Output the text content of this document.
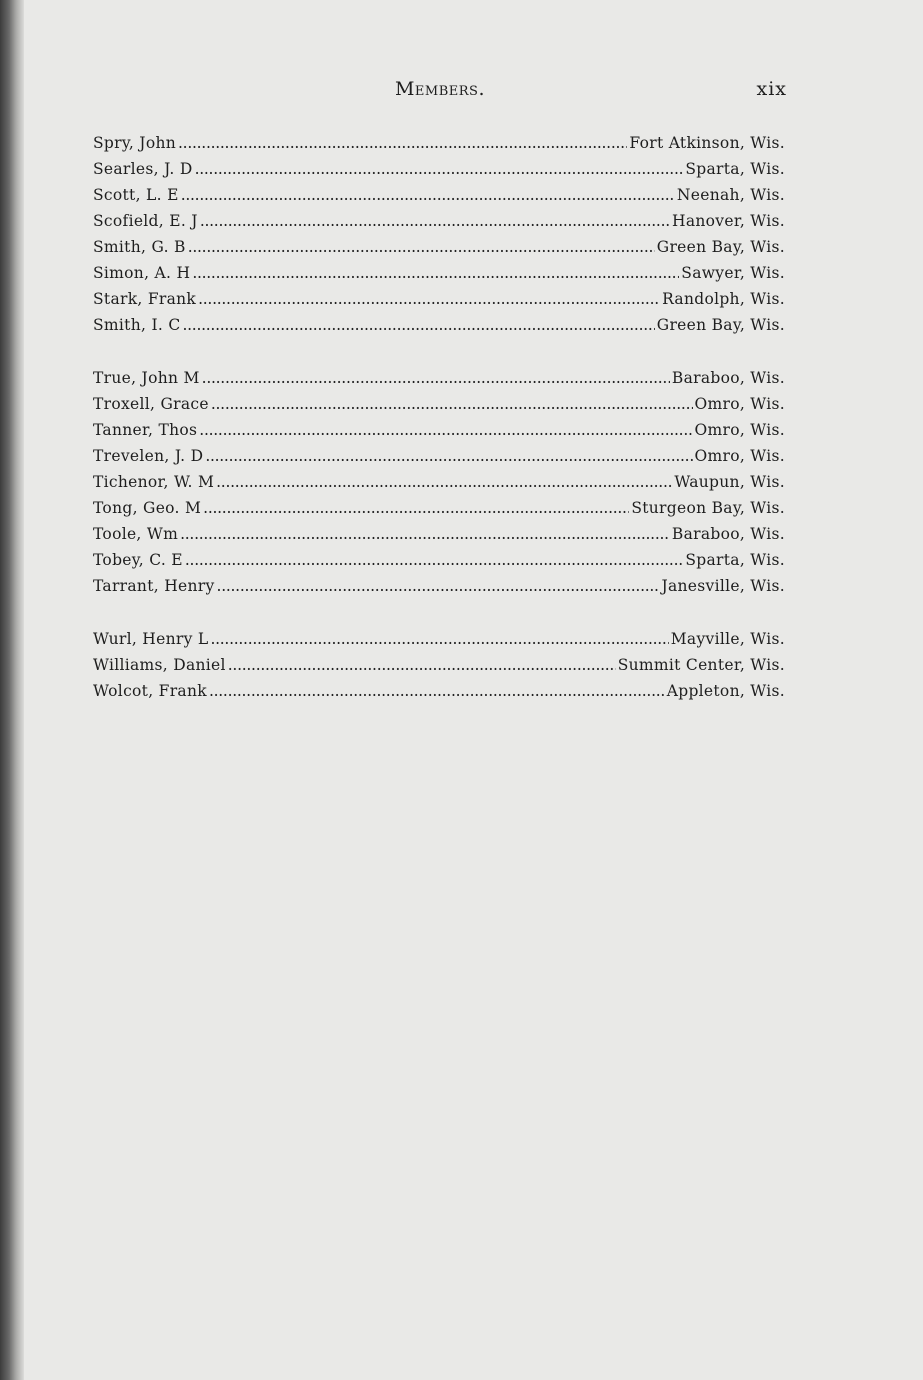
Members.	xix
Spry, John . . .	Fort Atkinson, Wis.
Searles, J. D . . .	Sparta, Wis.
Scott, L. E . . .	Neenah, Wis.
Scofield, E. J . . .	Hanover, Wis.
Smith, G. B . . .	Green Bay, Wis.
Simon, A. H . . .	Sawyer, Wis.
Stark, Frank . . .	Randolph, Wis.
Smith, I. C . . .	Green Bay, Wis.
True, John M . . .	Baraboo, Wis.
Troxell, Grace . . .	Omro, Wis.
Tanner, Thos . . .	Omro, Wis.
Trevelen, J. D . . .	Omro, Wis.
Tichenor, W. M . . .	Waupun, Wis.
Tong, Geo. M . . .	Sturgeon Bay, Wis.
Toole, Wm . . .	Baraboo, Wis.
Tobey, C. E . . .	Sparta, Wis.
Tarrant, Henry . . .	Janesville, Wis.
Wurl, Henry L . . .	Mayville, Wis.
Williams, Daniel . . .	Summit Center, Wis.
Wolcot, Frank . . .	Appleton, Wis.
